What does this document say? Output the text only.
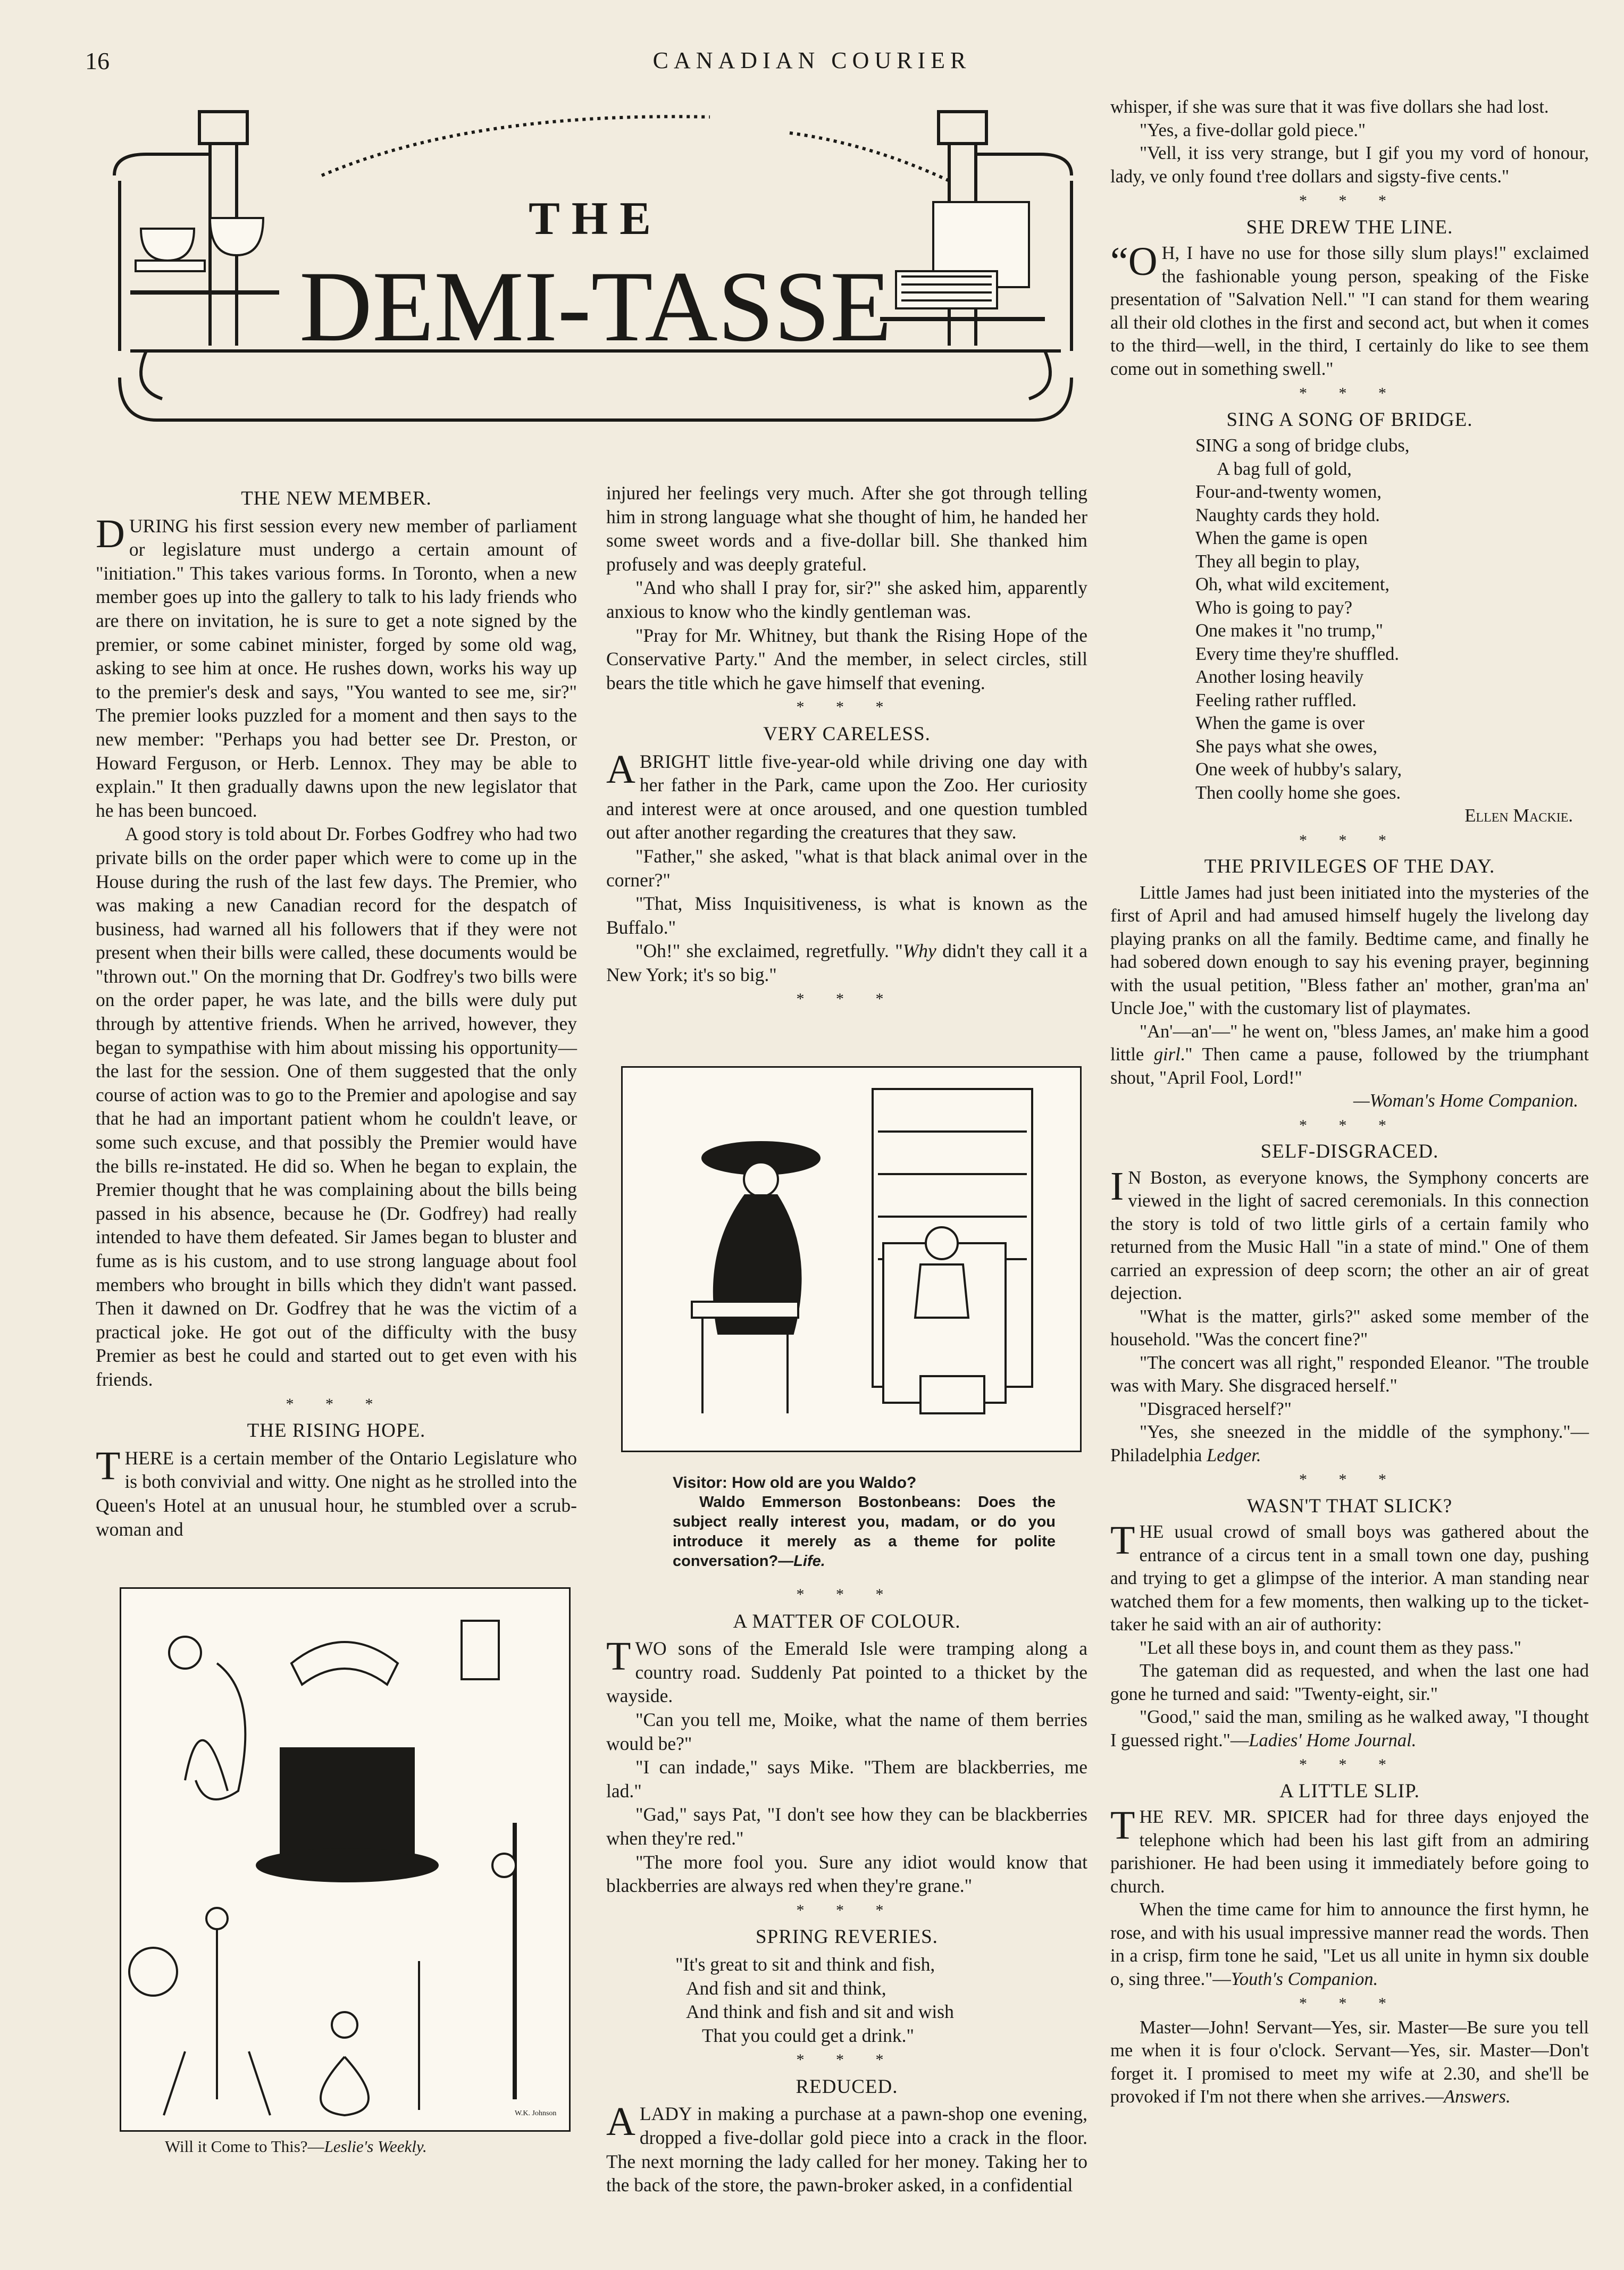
16	CANADIAN COURIER
THE
DEMI-TASSE
THE NEW MEMBER.

DURING his first session every new member of parliament or legislature must undergo a certain amount of "initiation." This takes various forms. In Toronto, when a new member goes up into the gallery to talk to his lady friends who are there on invitation, he is sure to get a note signed by the premier, or some cabinet minister, forged by some old wag, asking to see him at once. He rushes down, works his way up to the premier's desk and says, "You wanted to see me, sir?" The premier looks puzzled for a moment and then says to the new member: "Perhaps you had better see Dr. Preston, or Howard Ferguson, or Herb. Lennox. They may be able to explain." It then gradually dawns upon the new legislator that he has been buncoed.

A good story is told about Dr. Forbes Godfrey who had two private bills on the order paper which were to come up in the House during the rush of the last few days. The Premier, who was making a new Canadian record for the despatch of business, had warned all his followers that if they were not present when their bills were called, these documents would be "thrown out." On the morning that Dr. Godfrey's two bills were on the order paper, he was late, and the bills were duly put through by attentive friends. When he arrived, however, they began to sympathise with him about missing his opportunity—the last for the session. One of them suggested that the only course of action was to go to the Premier and apologise and say that he had an important patient whom he couldn't leave, or some such excuse, and that possibly the Premier would have the bills re-instated. He did so. When he began to explain, the Premier thought that he was complaining about the bills being passed in his absence, because he (Dr. Godfrey) had really intended to have them defeated. Sir James began to bluster and fume as is his custom, and to use strong language about fool members who brought in bills which they didn't want passed. Then it dawned on Dr. Godfrey that he was the victim of a practical joke. He got out of the difficulty with the busy Premier as best he could and started out to get even with his friends.

* * *
THE RISING HOPE.

THERE is a certain member of the Ontario Legislature who is both convivial and witty. One night as he strolled into the Queen's Hotel at an unusual hour, he stumbled over a scrub-woman and

W.K. Johnson
Will it Come to This?—Leslie's Weekly.

injured her feelings very much. After she got through telling him in strong language what she thought of him, he handed her some sweet words and a five-dollar bill. She thanked him profusely and was deeply grateful.

"And who shall I pray for, sir?" she asked him, apparently anxious to know who the kindly gentleman was.

"Pray for Mr. Whitney, but thank the Rising Hope of the Conservative Party." And the member, in select circles, still bears the title which he gave himself that evening.

* * *
VERY CARELESS.

ABRIGHT little five-year-old while driving one day with her father in the Park, came upon the Zoo. Her curiosity and interest were at once aroused, and one question tumbled out after another regarding the creatures that they saw.

"Father," she asked, "what is that black animal over in the corner?"

"That, Miss Inquisitiveness, is what is known as the Buffalo."

"Oh!" she exclaimed, regretfully. "Why didn't they call it a New York; it's so big."

* * *
Visitor: How old are you Waldo?
Waldo Emmerson Bostonbeans: Does the subject really interest you, madam, or do you introduce it merely as a theme for polite conversation?—Life.
* * *
A MATTER OF COLOUR.

TWO sons of the Emerald Isle were tramping along a country road. Suddenly Pat pointed to a thicket by the wayside.

"Can you tell me, Moike, what the name of them berries would be?"

"I can indade," says Mike. "Them are blackberries, me lad."

"Gad," says Pat, "I don't see how they can be blackberries when they're red."

"The more fool you. Sure any idiot would know that blackberries are always red when they're grane."

* * *
SPRING REVERIES.
"It's great to sit and think and fish,
And fish and sit and think,
And think and fish and sit and wish
That you could get a drink."
* * *
REDUCED.

ALADY in making a purchase at a pawn-shop one evening, dropped a five-dollar gold piece into a crack in the floor. The next morning the lady called for her money. Taking her to the back of the store, the pawn-broker asked, in a confidential

whisper, if she was sure that it was five dollars she had lost.

"Yes, a five-dollar gold piece."

"Vell, it iss very strange, but I gif you my vord of honour, lady, ve only found t'ree dollars and sigsty-five cents."

* * *
SHE DREW THE LINE.

“O H, I have no use for those silly slum plays!" exclaimed the fashionable young person, speaking of the Fiske presentation of "Salvation Nell." "I can stand for them wearing all their old clothes in the first and second act, but when it comes to the third—well, in the third, I certainly do like to see them come out in something swell."

* * *
SING A SONG OF BRIDGE.
SING a song of bridge clubs,
A bag full of gold,
Four-and-twenty women,
Naughty cards they hold.
When the game is open
They all begin to play,
Oh, what wild excitement,
Who is going to pay?
One makes it "no trump,"
Every time they're shuffled.
Another losing heavily
Feeling rather ruffled.
When the game is over
She pays what she owes,
One week of hubby's salary,
Then coolly home she goes.
Ellen Mackie.
* * *
THE PRIVILEGES OF THE DAY.

Little James had just been initiated into the mysteries of the first of April and had amused himself hugely the livelong day playing pranks on all the family. Bedtime came, and finally he had sobered down enough to say his evening prayer, beginning with the usual petition, "Bless father an' mother, gran'ma an' Uncle Joe," with the customary list of playmates.

"An'—an'—" he went on, "bless James, an' make him a good little girl." Then came a pause, followed by the triumphant shout, "April Fool, Lord!"

—Woman's Home Companion.
* * *
SELF-DISGRACED.

I N Boston, as everyone knows, the Symphony concerts are viewed in the light of sacred ceremonials. In this connection the story is told of two little girls of a certain family who returned from the Music Hall "in a state of mind." One of them carried an expression of deep scorn; the other an air of great dejection.

"What is the matter, girls?" asked some member of the household. "Was the concert fine?"

"The concert was all right," responded Eleanor. "The trouble was with Mary. She disgraced herself."

"Disgraced herself?"

"Yes, she sneezed in the middle of the symphony."—Philadelphia Ledger.

* * *
WASN'T THAT SLICK?

THE usual crowd of small boys was gathered about the entrance of a circus tent in a small town one day, pushing and trying to get a glimpse of the interior. A man standing near watched them for a few moments, then walking up to the ticket-taker he said with an air of authority:

"Let all these boys in, and count them as they pass."

The gateman did as requested, and when the last one had gone he turned and said: "Twenty-eight, sir."

"Good," said the man, smiling as he walked away, "I thought I guessed right."—Ladies' Home Journal.

* * *
A LITTLE SLIP.

THE REV. MR. SPICER had for three days enjoyed the telephone which had been his last gift from an admiring parishioner. He had been using it immediately before going to church.

When the time came for him to announce the first hymn, he rose, and with his usual impressive manner read the words. Then in a crisp, firm tone he said, "Let us all unite in hymn six double o, sing three."—Youth's Companion.

* * *

Master—John! Servant—Yes, sir. Master—Be sure you tell me when it is four o'clock. Servant—Yes, sir. Master—Don't forget it. I promised to meet my wife at 2.30, and she'll be provoked if I'm not there when she arrives.—Answers.
